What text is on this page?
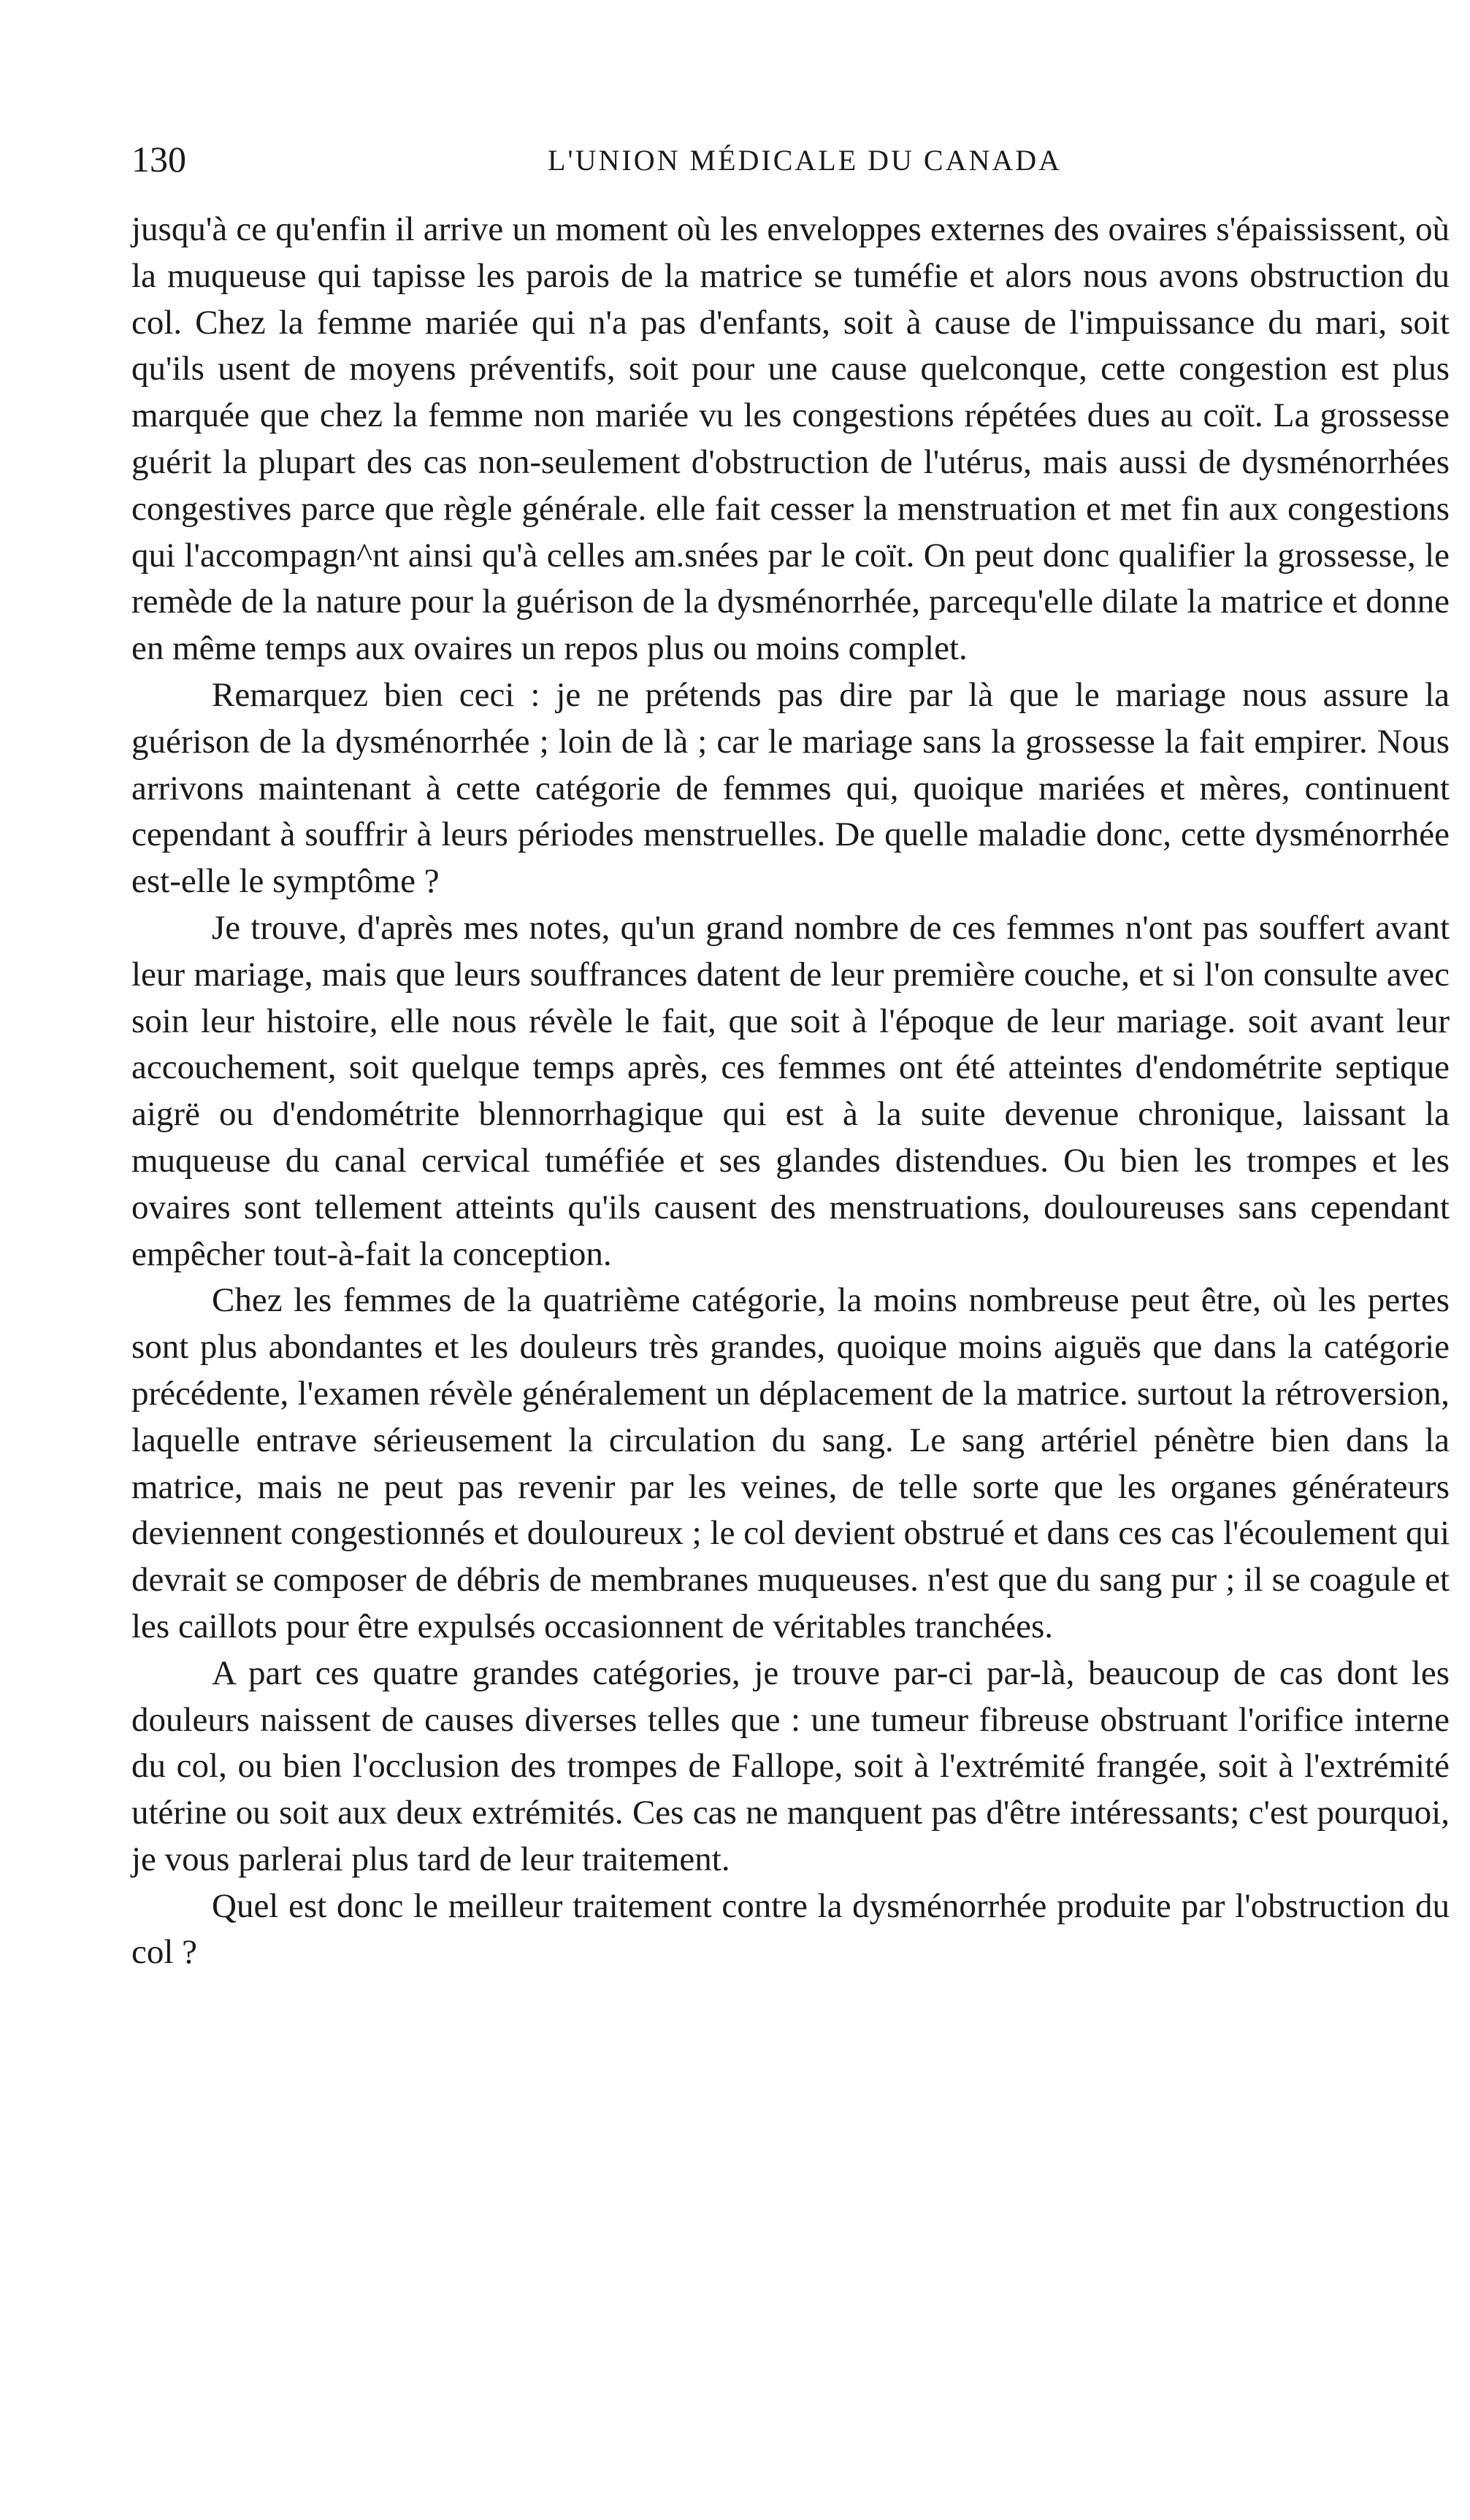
130	L'UNION MÉDICALE DU CANADA

jusqu'à ce qu'enfin il arrive un moment où les enveloppes externes des ovaires s'épaississent, où la muqueuse qui tapisse les parois de la matrice se tuméfie et alors nous avons obstruction du col. Chez la femme mariée qui n'a pas d'enfants, soit à cause de l'impuissance du mari, soit qu'ils usent de moyens préventifs, soit pour une cause quelconque, cette congestion est plus marquée que chez la femme non mariée vu les congestions répétées dues au coït. La grossesse guérit la plupart des cas non-seulement d'obstruction de l'utérus, mais aussi de dysménorrhées congestives parce que règle générale. elle fait cesser la menstruation et met fin aux congestions qui l'accompagn^nt ainsi qu'à celles am.snées par le coït. On peut donc qualifier la grossesse, le remède de la nature pour la guérison de la dysménorrhée, parcequ'elle dilate la matrice et donne en même temps aux ovaires un repos plus ou moins complet.

Remarquez bien ceci : je ne prétends pas dire par là que le mariage nous assure la guérison de la dysménorrhée ; loin de là ; car le mariage sans la grossesse la fait empirer. Nous arrivons maintenant à cette catégorie de femmes qui, quoique mariées et mères, continuent cependant à souffrir à leurs périodes menstruelles. De quelle maladie donc, cette dysménorrhée est-elle le symptôme ?

Je trouve, d'après mes notes, qu'un grand nombre de ces femmes n'ont pas souffert avant leur mariage, mais que leurs souffrances datent de leur première couche, et si l'on consulte avec soin leur histoire, elle nous révèle le fait, que soit à l'époque de leur mariage. soit avant leur accouchement, soit quelque temps après, ces femmes ont été atteintes d'endométrite septique aigrë ou d'endométrite blennorrhagique qui est à la suite devenue chronique, laissant la muqueuse du canal cervical tuméfiée et ses glandes distendues. Ou bien les trompes et les ovaires sont tellement atteints qu'ils causent des menstruations, douloureuses sans cependant empêcher tout-à-fait la conception.

Chez les femmes de la quatrième catégorie, la moins nombreuse peut être, où les pertes sont plus abondantes et les douleurs très grandes, quoique moins aiguës que dans la catégorie précédente, l'examen révèle généralement un déplacement de la matrice. surtout la rétroversion, laquelle entrave sérieusement la circulation du sang. Le sang artériel pénètre bien dans la matrice, mais ne peut pas revenir par les veines, de telle sorte que les organes générateurs deviennent congestionnés et douloureux ; le col devient obstrué et dans ces cas l'écoulement qui devrait se composer de débris de membranes muqueuses. n'est que du sang pur ; il se coagule et les caillots pour être expulsés occasionnent de véritables tranchées.

A part ces quatre grandes catégories, je trouve par-ci par-là, beaucoup de cas dont les douleurs naissent de causes diverses telles que : une tumeur fibreuse obstruant l'orifice interne du col, ou bien l'occlusion des trompes de Fallope, soit à l'extrémité frangée, soit à l'extrémité utérine ou soit aux deux extrémités. Ces cas ne manquent pas d'être intéressants; c'est pourquoi, je vous parlerai plus tard de leur traitement.

Quel est donc le meilleur traitement contre la dysménorrhée produite par l'obstruction du col ?
